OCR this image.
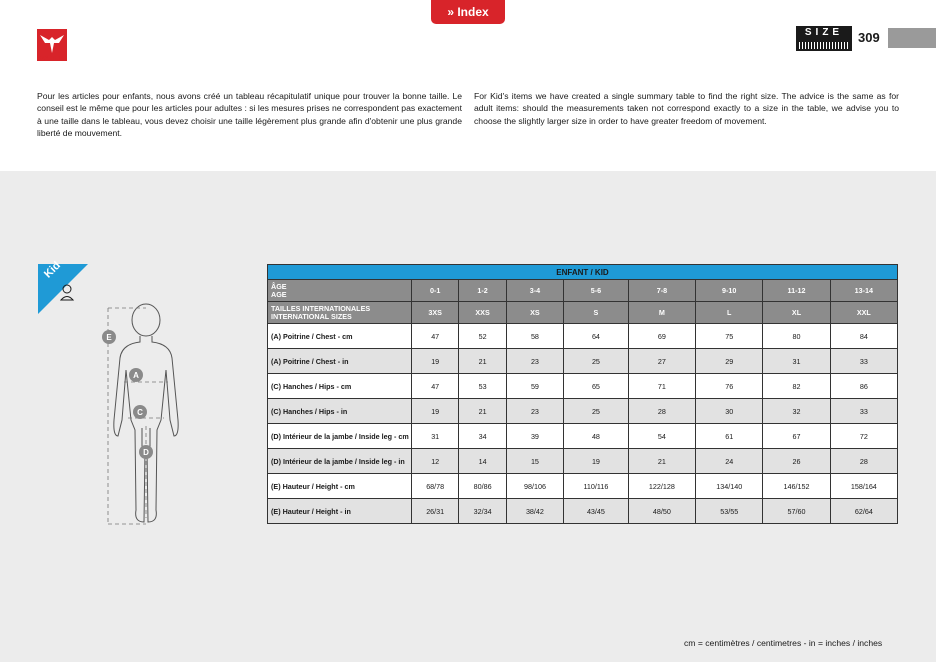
» Index
PAYPER
SIZE	309

Pour les articles pour enfants, nous avons créé un tableau récapitulatif unique pour trouver la bonne taille. Le conseil est le même que pour les articles pour adultes : si les mesures prises ne correspondent pas exactement à une taille dans le tableau, vous devez choisir une taille légèrement plus grande afin d'obtenir une plus grande liberté de mouvement.

For Kid's items we have created a single summary table to find the right size. The advice is the same as for adult items: should the measurements taken not correspond exactly to a size in the table, we advise you to choose the slightly larger size in order to have greater freedom of movement.

Kid
E
A
C
D
ENFANT / KID								
ÂGE
AGE	0-1	1-2	3-4	5-6	7-8	9-10	11-12	13-14
TAILLES INTERNATIONALES
INTERNATIONAL SIZES	3XS	XXS	XS	S	M	L	XL	XXL
(A) Poitrine / Chest - cm	47	52	58	64	69	75	80	84
(A) Poitrine / Chest - in	19	21	23	25	27	29	31	33
(C) Hanches / Hips - cm	47	53	59	65	71	76	82	86
(C) Hanches / Hips - in	19	21	23	25	28	30	32	33
(D) Intérieur de la jambe / Inside leg - cm	31	34	39	48	54	61	67	72
(D) Intérieur de la jambe / Inside leg - in	12	14	15	19	21	24	26	28
(E) Hauteur / Height - cm	68/78	80/86	98/106	110/116	122/128	134/140	146/152	158/164
(E) Hauteur / Height - in	26/31	32/34	38/42	43/45	48/50	53/55	57/60	62/64
cm = centimètres / centimetres - in = inches / inches
